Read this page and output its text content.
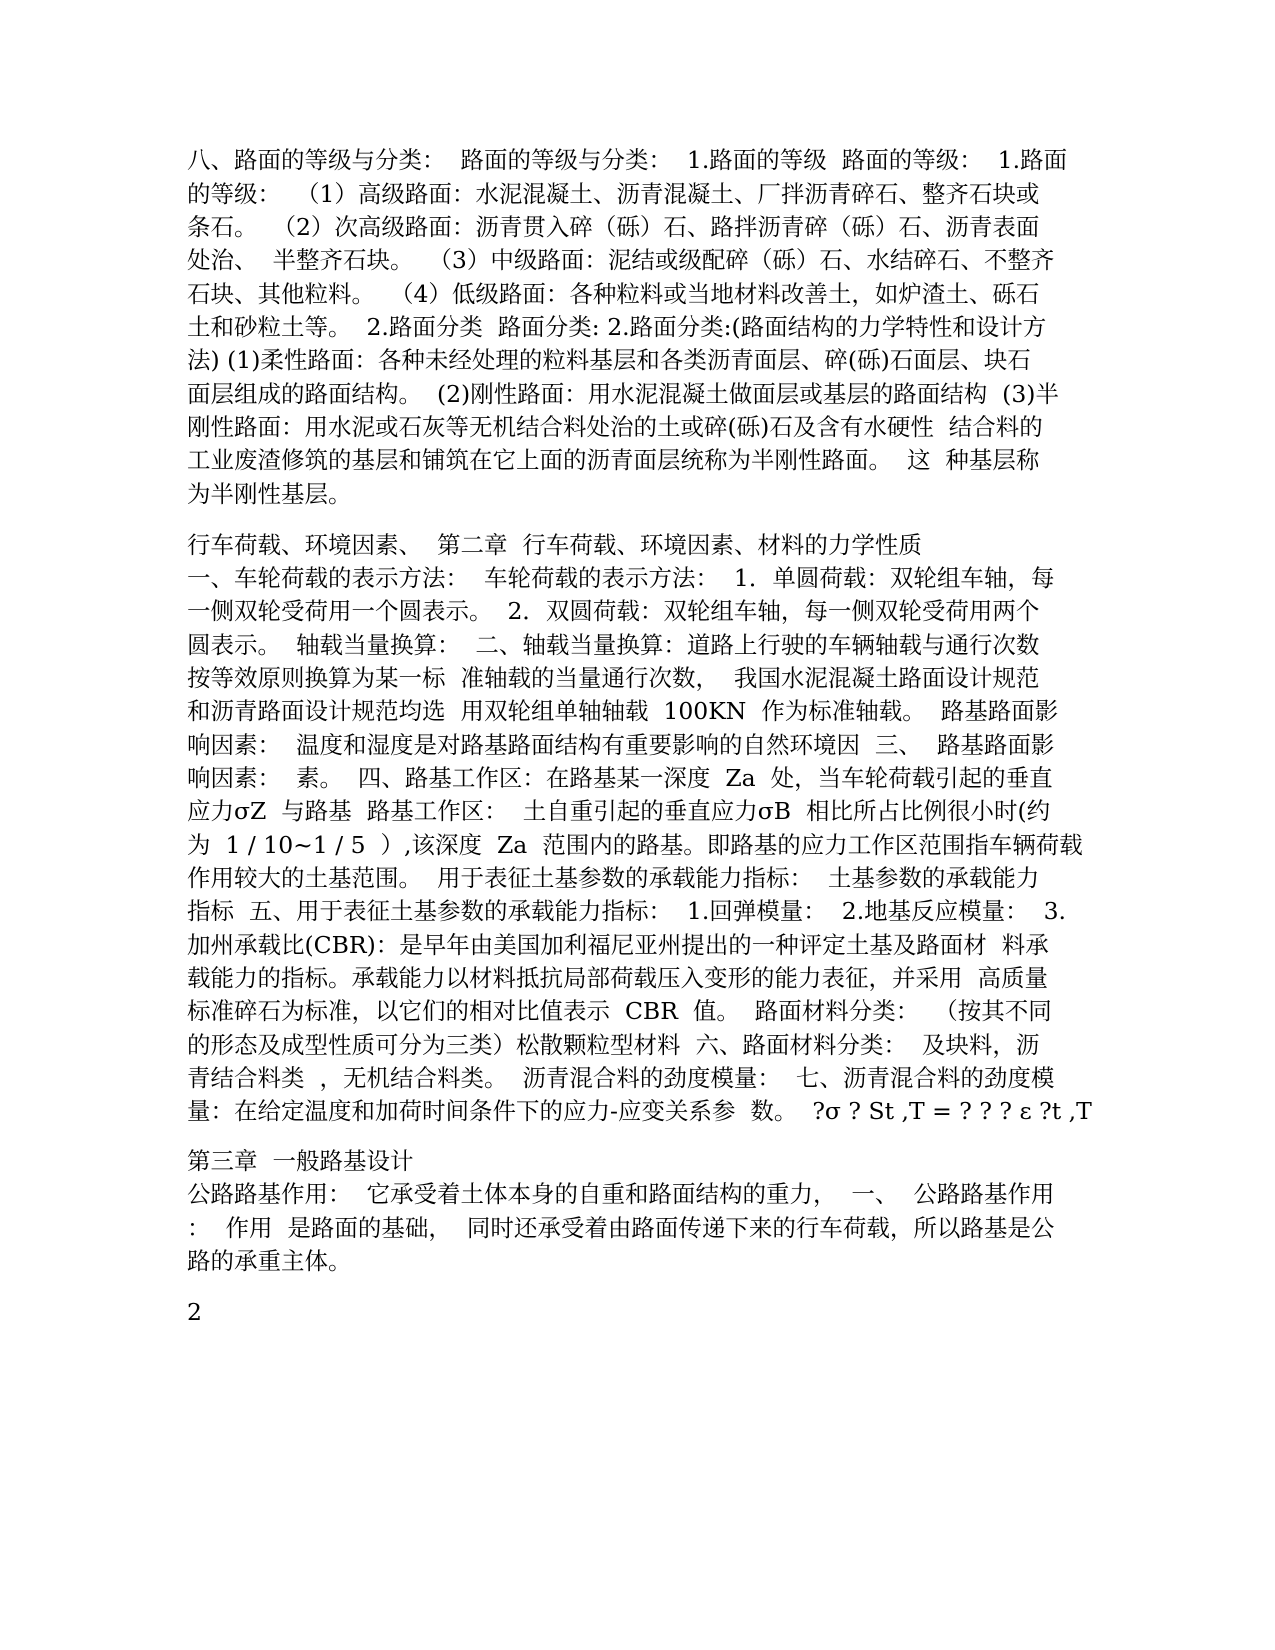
八、路面的等级与分类：  路面的等级与分类：  1.路面的等级  路面的等级：  1.路面
的等级：  （1）高级路面：水泥混凝土、沥青混凝土、厂拌沥青碎石、整齐石块或
条石。  （2）次高级路面：沥青贯入碎（砾）石、路拌沥青碎（砾）石、沥青表面
处治、  半整齐石块。  （3）中级路面：泥结或级配碎（砾）石、水结碎石、不整齐
石块、其他粒料。  （4）低级路面：各种粒料或当地材料改善土，如炉渣土、砾石
土和砂粒土等。  2.路面分类  路面分类: 2.路面分类:(路面结构的力学特性和设计方
法) (1)柔性路面：各种未经处理的粒料基层和各类沥青面层、碎(砾)石面层、块石
面层组成的路面结构。  (2)刚性路面：用水泥混凝土做面层或基层的路面结构  (3)半
刚性路面：用水泥或石灰等无机结合料处治的土或碎(砾)石及含有水硬性  结合料的
工业废渣修筑的基层和铺筑在它上面的沥青面层统称为半刚性路面。  这  种基层称
为半刚性基层。
行车荷载、环境因素、  第二章  行车荷载、环境因素、材料的力学性质
一、车轮荷载的表示方法：  车轮荷载的表示方法：  1．单圆荷载：双轮组车轴，每
一侧双轮受荷用一个圆表示。  2．双圆荷载：双轮组车轴，每一侧双轮受荷用两个
圆表示。  轴载当量换算：  二、轴载当量换算：道路上行驶的车辆轴载与通行次数
按等效原则换算为某一标  准轴载的当量通行次数，  我国水泥混凝土路面设计规范
和沥青路面设计规范均选  用双轮组单轴轴载  100KN  作为标准轴载。  路基路面影
响因素：  温度和湿度是对路基路面结构有重要影响的自然环境因  三、  路基路面影
响因素：  素。  四、路基工作区：在路基某一深度  Za  处，当车轮荷载引起的垂直
应力σZ  与路基  路基工作区：  土自重引起的垂直应力σB  相比所占比例很小时(约
为  1 / 10~1 / 5  ）,该深度  Za  范围内的路基。即路基的应力工作区范围指车辆荷载
作用较大的土基范围。  用于表征土基参数的承载能力指标：  土基参数的承载能力
指标  五、用于表征土基参数的承载能力指标：  1.回弹模量：  2.地基反应模量：  3.
加州承载比(CBR)：是早年由美国加利福尼亚州提出的一种评定土基及路面材  料承
载能力的指标。承载能力以材料抵抗局部荷载压入变形的能力表征，并采用  高质量
标准碎石为标准，以它们的相对比值表示  CBR  值。  路面材料分类：  （按其不同
的形态及成型性质可分为三类）松散颗粒型材料  六、路面材料分类：  及块料，沥
青结合料类  ，无机结合料类。  沥青混合料的劲度模量：  七、沥青混合料的劲度模
量：在给定温度和加荷时间条件下的应力-应变关系参  数。  ?σ ? St ,T = ? ? ? ε ?t ,T
第三章  一般路基设计
公路路基作用：  它承受着土体本身的自重和路面结构的重力，  一、  公路路基作用
：  作用  是路面的基础，  同时还承受着由路面传递下来的行车荷载，所以路基是公
路的承重主体。
2
